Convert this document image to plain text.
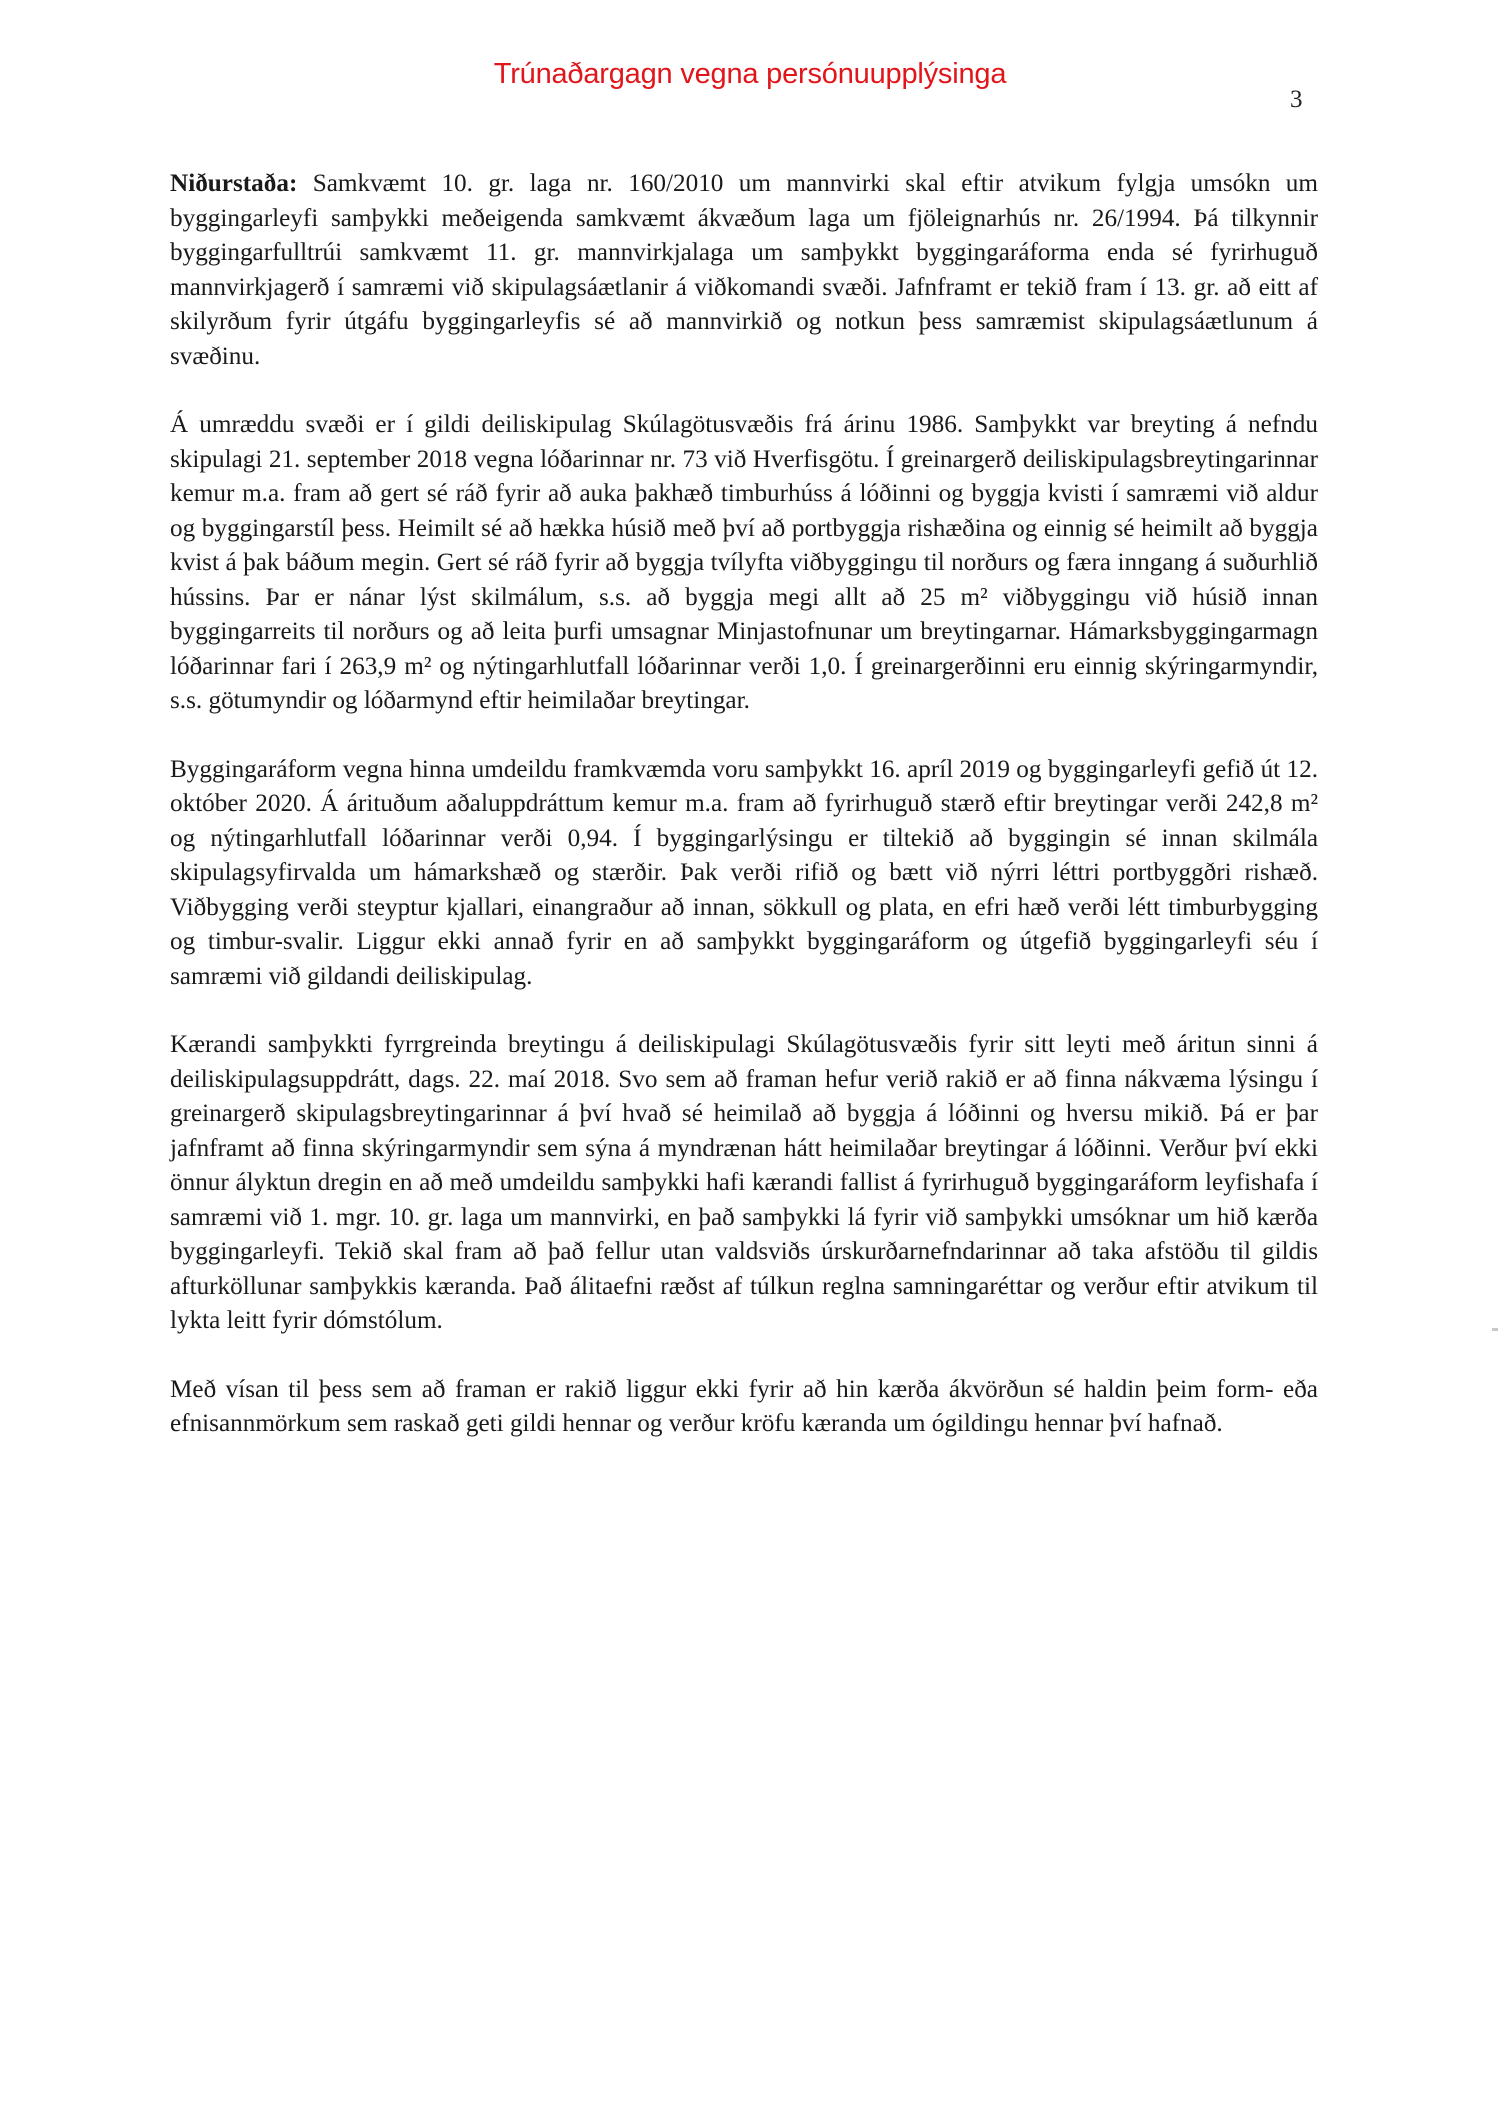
Trúnaðargagn vegna persónuupplýsinga
3

Niðurstaða: Samkvæmt 10. gr. laga nr. 160/2010 um mannvirki skal eftir atvikum fylgja umsókn um byggingarleyfi samþykki meðeigenda samkvæmt ákvæðum laga um fjöleignarhús nr. 26/1994. Þá tilkynnir byggingarfulltrúi samkvæmt 11. gr. mannvirkjalaga um samþykkt byggingaráforma enda sé fyrirhuguð mannvirkjagerð í samræmi við skipulagsáætlanir á viðkomandi svæði. Jafnframt er tekið fram í 13. gr. að eitt af skilyrðum fyrir útgáfu byggingarleyfis sé að mannvirkið og notkun þess samræmist skipulagsáætlunum á svæðinu.

Á umræddu svæði er í gildi deiliskipulag Skúlagötusvæðis frá árinu 1986. Samþykkt var breyting á nefndu skipulagi 21. september 2018 vegna lóðarinnar nr. 73 við Hverfisgötu. Í greinargerð deiliskipulagsbreytingarinnar kemur m.a. fram að gert sé ráð fyrir að auka þakhæð timburhúss á lóðinni og byggja kvisti í samræmi við aldur og byggingarstíl þess. Heimilt sé að hækka húsið með því að portbyggja rishæðina og einnig sé heimilt að byggja kvist á þak báðum megin. Gert sé ráð fyrir að byggja tvílyfta viðbyggingu til norðurs og færa inngang á suðurhlið hússins. Þar er nánar lýst skilmálum, s.s. að byggja megi allt að 25 m² viðbyggingu við húsið innan byggingarreits til norðurs og að leita þurfi umsagnar Minjastofnunar um breytingarnar. Hámarksbyggingarmagn lóðarinnar fari í 263,9 m² og nýtingarhlutfall lóðarinnar verði 1,0. Í greinargerðinni eru einnig skýringarmyndir, s.s. götumyndir og lóðarmynd eftir heimilaðar breytingar.

Byggingaráform vegna hinna umdeildu framkvæmda voru samþykkt 16. apríl 2019 og byggingarleyfi gefið út 12. október 2020. Á árituðum aðaluppdráttum kemur m.a. fram að fyrirhuguð stærð eftir breytingar verði 242,8 m² og nýtingarhlutfall lóðarinnar verði 0,94. Í byggingarlýsingu er tiltekið að byggingin sé innan skilmála skipulagsyfirvalda um hámarkshæð og stærðir. Þak verði rifið og bætt við nýrri léttri portbyggðri rishæð. Viðbygging verði steyptur kjallari, einangraður að innan, sökkull og plata, en efri hæð verði létt timburbygging og timbur-svalir. Liggur ekki annað fyrir en að samþykkt byggingaráform og útgefið byggingarleyfi séu í samræmi við gildandi deiliskipulag.

Kærandi samþykkti fyrrgreinda breytingu á deiliskipulagi Skúlagötusvæðis fyrir sitt leyti með áritun sinni á deiliskipulagsuppdrátt, dags. 22. maí 2018. Svo sem að framan hefur verið rakið er að finna nákvæma lýsingu í greinargerð skipulagsbreytingarinnar á því hvað sé heimilað að byggja á lóðinni og hversu mikið. Þá er þar jafnframt að finna skýringarmyndir sem sýna á myndrænan hátt heimilaðar breytingar á lóðinni. Verður því ekki önnur ályktun dregin en að með umdeildu samþykki hafi kærandi fallist á fyrirhuguð byggingaráform leyfishafa í samræmi við 1. mgr. 10. gr. laga um mannvirki, en það samþykki lá fyrir við samþykki umsóknar um hið kærða byggingarleyfi. Tekið skal fram að það fellur utan valdsviðs úrskurðarnefndarinnar að taka afstöðu til gildis afturköllunar samþykkis kæranda. Það álitaefni ræðst af túlkun reglna samningaréttar og verður eftir atvikum til lykta leitt fyrir dómstólum.

Með vísan til þess sem að framan er rakið liggur ekki fyrir að hin kærða ákvörðun sé haldin þeim form- eða efnisannmörkum sem raskað geti gildi hennar og verður kröfu kæranda um ógildingu hennar því hafnað.
